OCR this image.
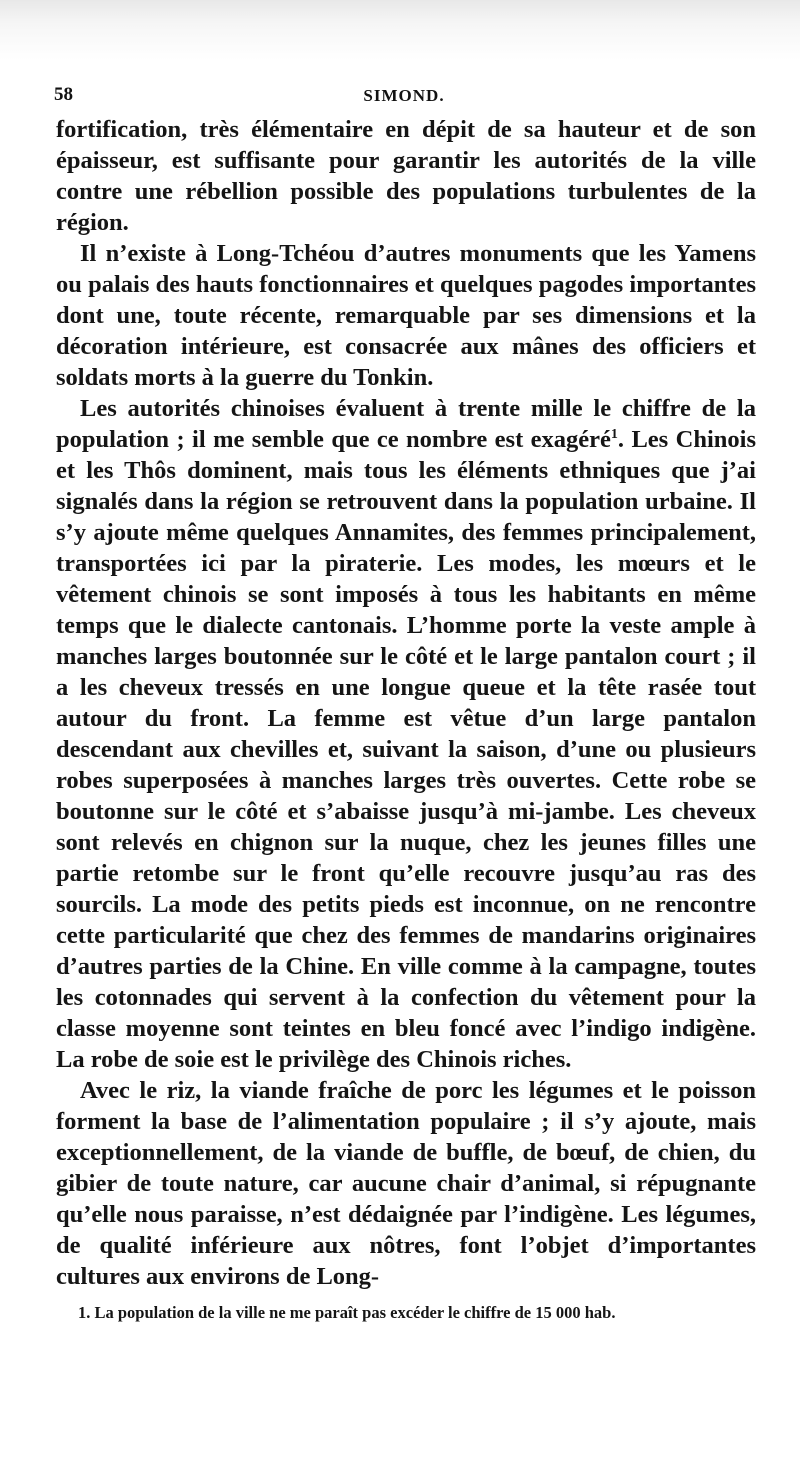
58	SIMOND.

fortification, très élémentaire en dépit de sa hauteur et de son épaisseur, est suffisante pour garantir les autorités de la ville contre une rébellion possible des populations turbulentes de la région.

Il n’existe à Long-Tchéou d’autres monuments que les Yamens ou palais des hauts fonctionnaires et quelques pagodes importantes dont une, toute récente, remarquable par ses dimensions et la décoration intérieure, est consacrée aux mânes des officiers et soldats morts à la guerre du Tonkin.

Les autorités chinoises évaluent à trente mille le chiffre de la population ; il me semble que ce nombre est exagéré$^1$. Les Chinois et les Thôs dominent, mais tous les éléments ethniques que j’ai signalés dans la région se retrouvent dans la population urbaine. Il s’y ajoute même quelques Annamites, des femmes principalement, transportées ici par la piraterie. Les modes, les mœurs et le vêtement chinois se sont imposés à tous les habitants en même temps que le dialecte cantonais. L’homme porte la veste ample à manches larges boutonnée sur le côté et le large pantalon court ; il a les cheveux tressés en une longue queue et la tête rasée tout autour du front. La femme est vêtue d’un large pantalon descendant aux chevilles et, suivant la saison, d’une ou plusieurs robes superposées à manches larges très ouvertes. Cette robe se boutonne sur le côté et s’abaisse jusqu’à mi-jambe. Les cheveux sont relevés en chignon sur la nuque, chez les jeunes filles une partie retombe sur le front qu’elle recouvre jusqu’au ras des sourcils. La mode des petits pieds est inconnue, on ne rencontre cette particularité que chez des femmes de mandarins originaires d’autres parties de la Chine. En ville comme à la campagne, toutes les cotonnades qui servent à la confection du vêtement pour la classe moyenne sont teintes en bleu foncé avec l’indigo indigène. La robe de soie est le privilège des Chinois riches.

Avec le riz, la viande fraîche de porc les légumes et le poisson forment la base de l’alimentation populaire ; il s’y ajoute, mais exceptionnellement, de la viande de buffle, de bœuf, de chien, du gibier de toute nature, car aucune chair d’animal, si répugnante qu’elle nous paraisse, n’est dédaignée par l’indigène. Les légumes, de qualité inférieure aux nôtres, font l’objet d’importantes cultures aux environs de Long-

1. La population de la ville ne me paraît pas excéder le chiffre de 15 000 hab.
